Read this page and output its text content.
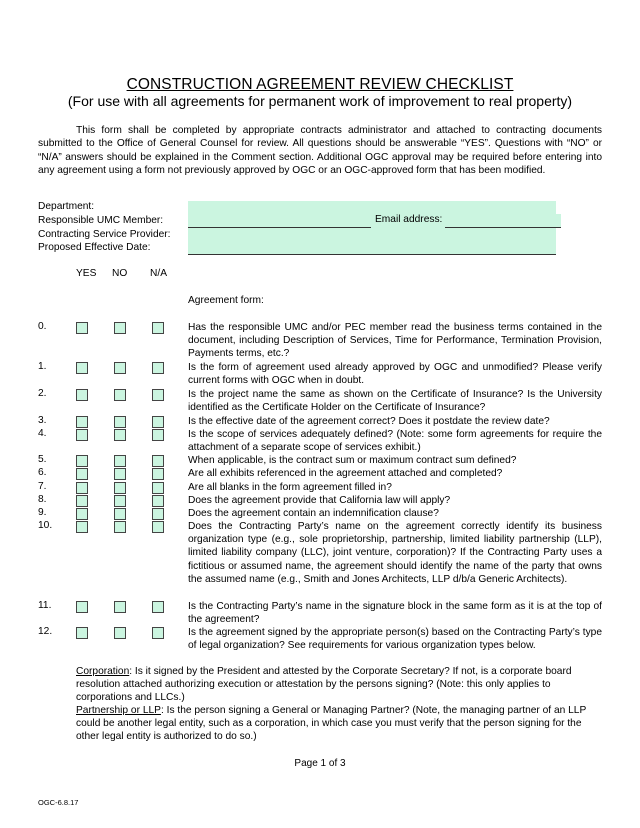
CONSTRUCTION AGREEMENT REVIEW CHECKLIST
(For use with all agreements for permanent work of improvement to real property)
This form shall be completed by appropriate contracts administrator and attached to contracting documents submitted to the Office of General Counsel for review. All questions should be answerable “YES”. Questions with “NO” or “N/A” answers should be explained in the Comment section. Additional OGC approval may be required before entering into any agreement using a form not previously approved by OGC or an OGC-approved form that has been modified.
Department:
Responsible UMC Member:	Email address:
Contracting Service Provider:
Proposed Effective Date:
YES NO N/A
Agreement form:
0.	Has the responsible UMC and/or PEC member read the business terms contained in the document, including Description of Services, Time for Performance, Termination Provision, Payments terms, etc.?
1.	Is the form of agreement used already approved by OGC and unmodified? Please verify current forms with OGC when in doubt.
2.	Is the project name the same as shown on the Certificate of Insurance? Is the University identified as the Certificate Holder on the Certificate of Insurance?
3.	Is the effective date of the agreement correct? Does it postdate the review date?
4.	Is the scope of services adequately defined? (Note: some form agreements for require the attachment of a separate scope of services exhibit.)
5.	When applicable, is the contract sum or maximum contract sum defined?
6.	Are all exhibits referenced in the agreement attached and completed?
7.	Are all blanks in the form agreement filled in?
8.	Does the agreement provide that California law will apply?
9.	Does the agreement contain an indemnification clause?
10.	Does the Contracting Party’s name on the agreement correctly identify its business organization type (e.g., sole proprietorship, partnership, limited liability partnership (LLP), limited liability company (LLC), joint venture, corporation)? If the Contracting Party uses a fictitious or assumed name, the agreement should identify the name of the party that owns the assumed name (e.g., Smith and Jones Architects, LLP d/b/a Generic Architects).
11.	Is the Contracting Party’s name in the signature block in the same form as it is at the top of the agreement?
12.	Is the agreement signed by the appropriate person(s) based on the Contracting Party’s type of legal organization? See requirements for various organization types below.
Corporation: Is it signed by the President and attested by the Corporate Secretary? If not, is a corporate board resolution attached authorizing execution or attestation by the persons signing? (Note: this only applies to corporations and LLCs.)
Partnership or LLP: Is the person signing a General or Managing Partner? (Note, the managing partner of an LLP could be another legal entity, such as a corporation, in which case you must verify that the person signing for the other legal entity is authorized to do so.)
Page 1 of 3
OGC-6.8.17
